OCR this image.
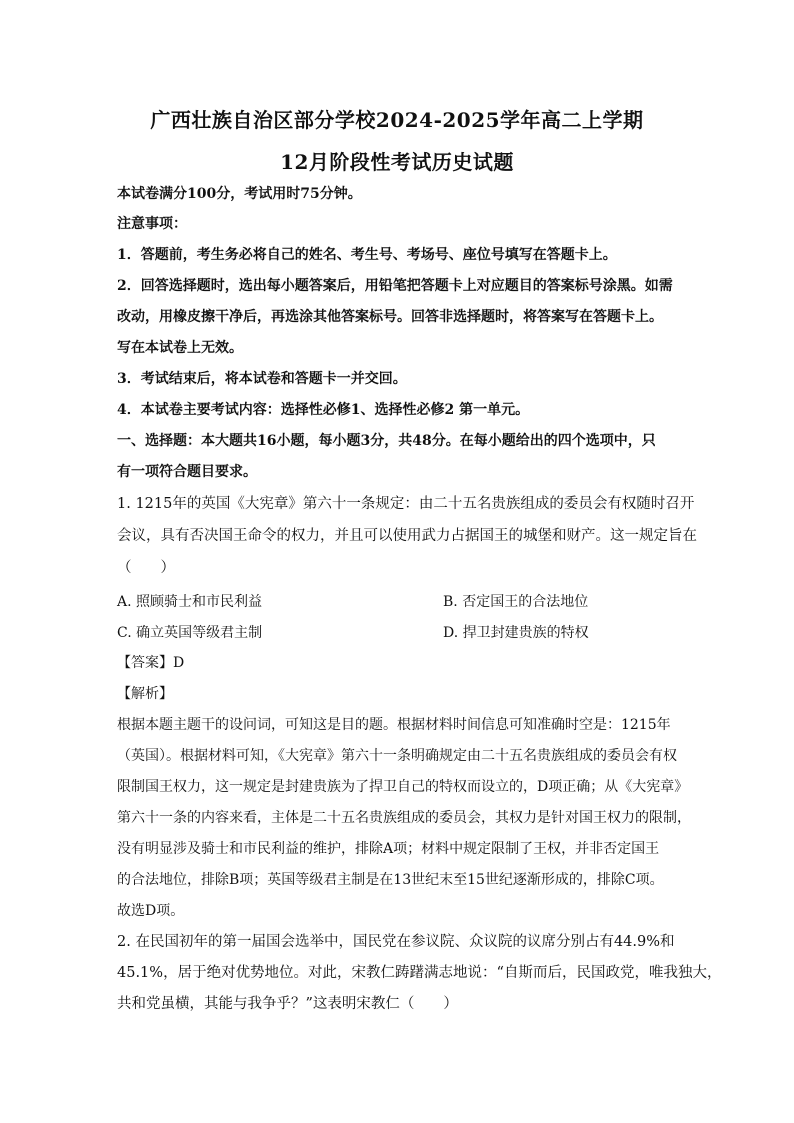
广西壮族自治区部分学校2024-2025学年高二上学期
12月阶段性考试历史试题
本试卷满分100分，考试用时75分钟。
注意事项：
1．答题前，考生务必将自己的姓名、考生号、考场号、座位号填写在答题卡上。
2．回答选择题时，选出每小题答案后，用铅笔把答题卡上对应题目的答案标号涂黑。如需
改动，用橡皮擦干净后，再选涂其他答案标号。回答非选择题时，将答案写在答题卡上。
写在本试卷上无效。
3．考试结束后，将本试卷和答题卡一并交回。
4．本试卷主要考试内容：选择性必修1、选择性必修2 第一单元。
一、选择题：本大题共16小题，每小题3分，共48分。在每小题给出的四个选项中，只
有一项符合题目要求。
1. 1215年的英国《大宪章》第六十一条规定：由二十五名贵族组成的委员会有权随时召开
会议，具有否决国王命令的权力，并且可以使用武力占据国王的城堡和财产。这一规定旨在
（　　）
A. 照顾骑士和市民利益	B. 否定国王的合法地位
C. 确立英国等级君主制	D. 捍卫封建贵族的特权
【答案】D
【解析】
根据本题主题干的设问词，可知这是目的题。根据材料时间信息可知准确时空是：1215年
（英国）。根据材料可知，《大宪章》第六十一条明确规定由二十五名贵族组成的委员会有权
限制国王权力，这一规定是封建贵族为了捍卫自己的特权而设立的，D项正确；从《大宪章》
第六十一条的内容来看，主体是二十五名贵族组成的委员会，其权力是针对国王权力的限制，
没有明显涉及骑士和市民利益的维护，排除A项；材料中规定限制了王权，并非否定国王
的合法地位，排除B项；英国等级君主制是在13世纪末至15世纪逐渐形成的，排除C项。
故选D项。
2. 在民国初年的第一届国会选举中，国民党在参议院、众议院的议席分别占有44.9%和
45.1%，居于绝对优势地位。对此，宋教仁踌躇满志地说：“自斯而后，民国政党，唯我独大，
共和党虽横，其能与我争乎？”这表明宋教仁（　　）
